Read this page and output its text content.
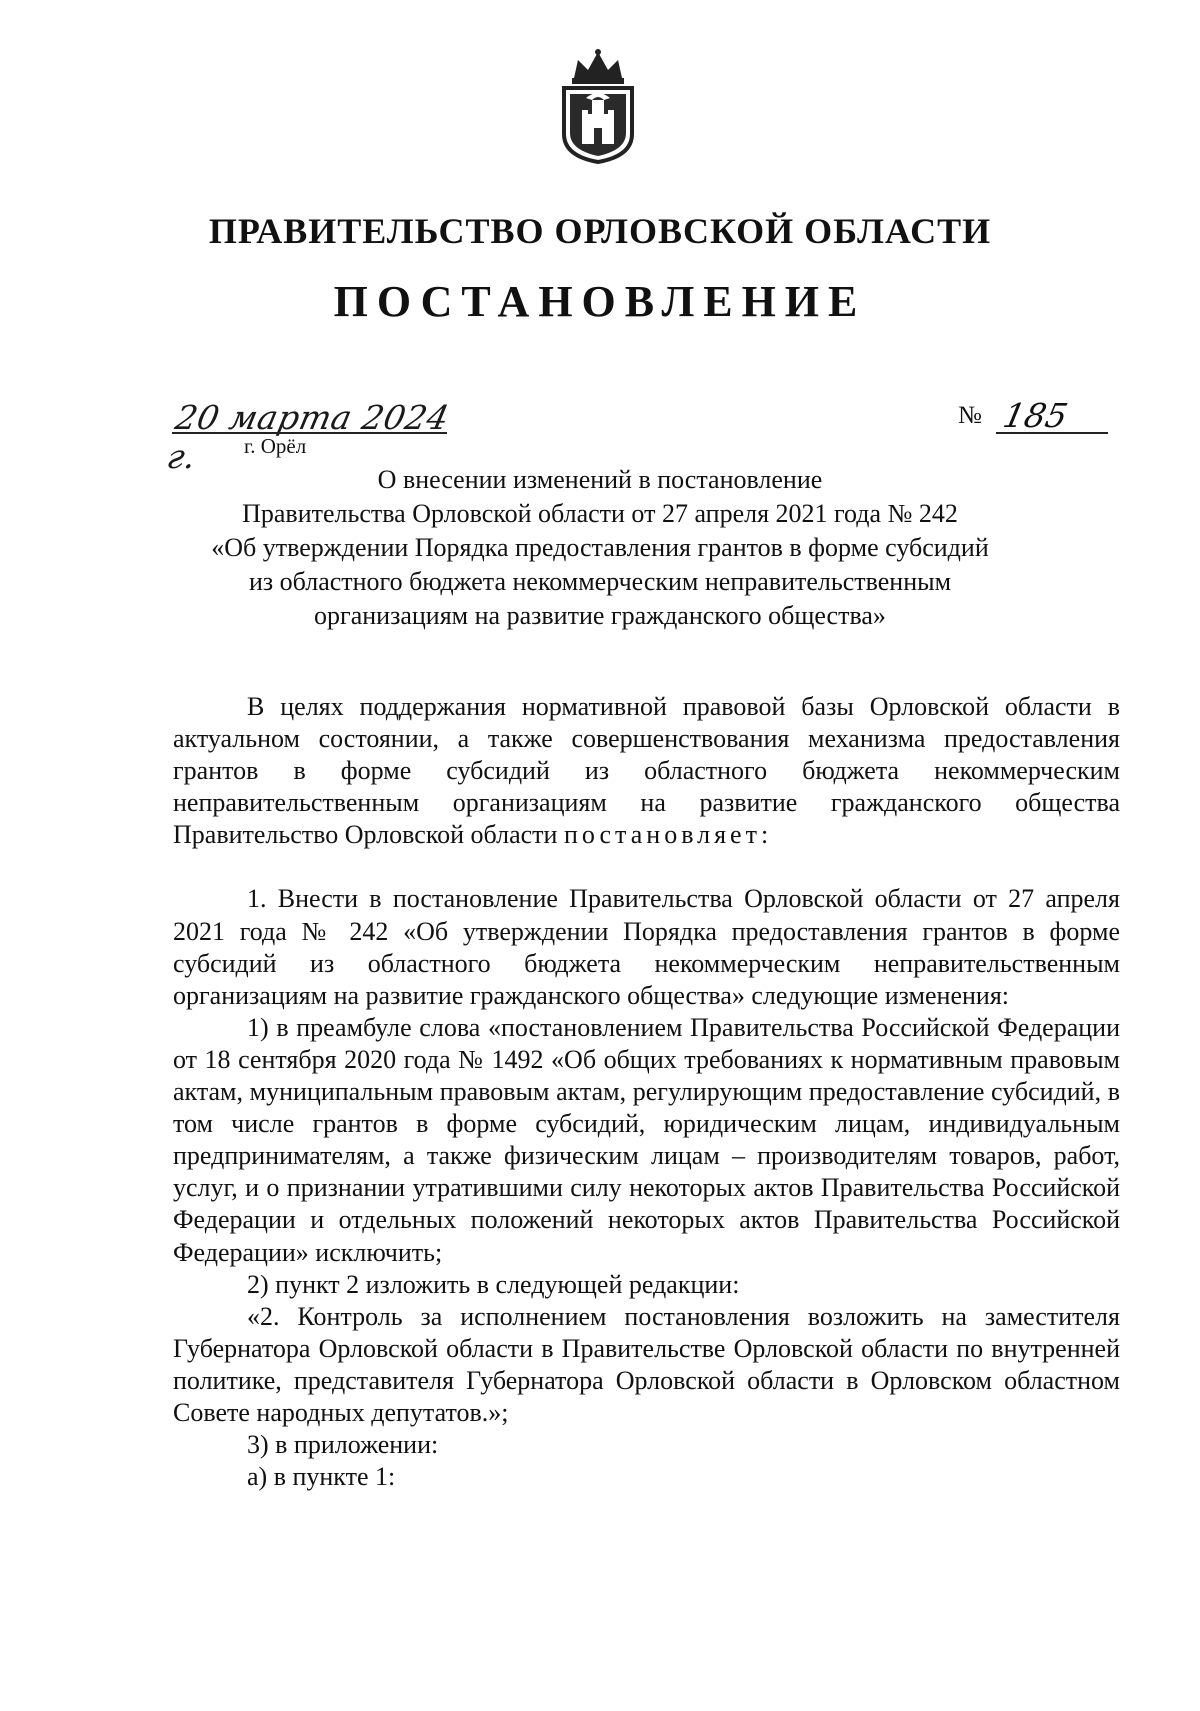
ПРАВИТЕЛЬСТВО ОРЛОВСКОЙ ОБЛАСТИ
ПОСТАНОВЛЕНИЕ
20 марта 2024 г.	г. Орёл
№ 185
О внесении изменений в постановление
Правительства Орловской области от 27 апреля 2021 года № 242
«Об утверждении Порядка предоставления грантов в форме субсидий
из областного бюджета некоммерческим неправительственным
организациям на развитие гражданского общества»

В целях поддержания нормативной правовой базы Орловской области в актуальном состоянии, а также совершенствования механизма предоставления грантов в форме субсидий из областного бюджета некоммерческим неправительственным организациям на развитие гражданского общества Правительство Орловской области постановляет:

1. Внести в постановление Правительства Орловской области от 27 апреля 2021 года № 242 «Об утверждении Порядка предоставления грантов в форме субсидий из областного бюджета некоммерческим неправительственным организациям на развитие гражданского общества» следующие изменения:

1) в преамбуле слова «постановлением Правительства Российской Федерации от 18 сентября 2020 года № 1492 «Об общих требованиях к нормативным правовым актам, муниципальным правовым актам, регулирующим предоставление субсидий, в том числе грантов в форме субсидий, юридическим лицам, индивидуальным предпринимателям, а также физическим лицам – производителям товаров, работ, услуг, и о признании утратившими силу некоторых актов Правительства Российской Федерации и отдельных положений некоторых актов Правительства Российской Федерации» исключить;

2) пункт 2 изложить в следующей редакции:

«2. Контроль за исполнением постановления возложить на заместителя Губернатора Орловской области в Правительстве Орловской области по внутренней политике, представителя Губернатора Орловской области в Орловском областном Совете народных депутатов.»;

3) в приложении:

а) в пункте 1:
